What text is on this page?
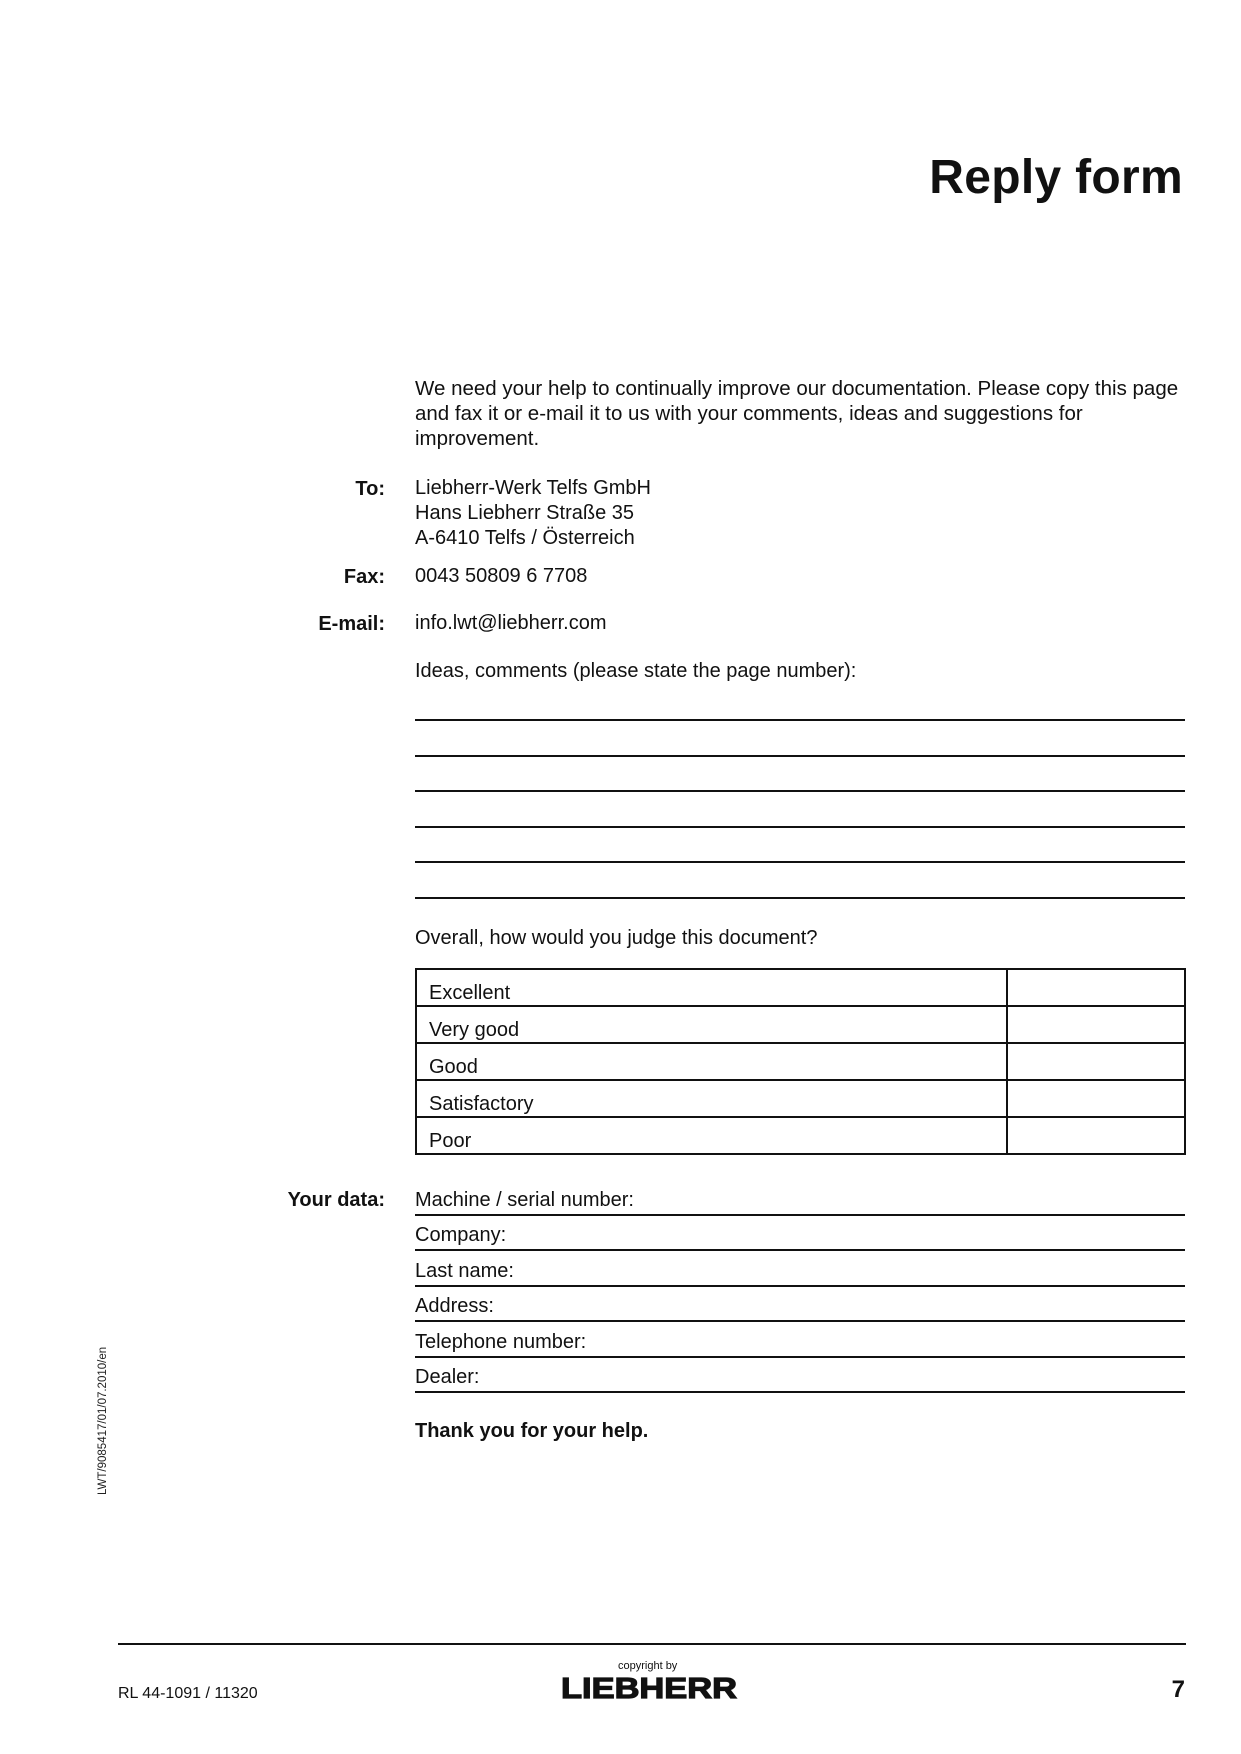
Reply form
We need your help to continually improve our documentation. Please copy this page and fax it or e-mail it to us with your comments, ideas and suggestions for improvement.
To: Liebherr-Werk Telfs GmbH
Hans Liebherr Straße 35
A-6410 Telfs / Österreich
Fax: 0043 50809 6 7708
E-mail: info.lwt@liebherr.com
Ideas, comments (please state the page number):
Overall, how would you judge this document?
Excellent	
Very good	
Good	
Satisfactory	
Poor	
Your data: Machine / serial number:
Company:
Last name:
Address:
Telephone number:
Dealer:
Thank you for your help.
LWT/9085417/01/07.2010/en
RL 44-1091 / 11320
copyright by
LIEBHERR	7
